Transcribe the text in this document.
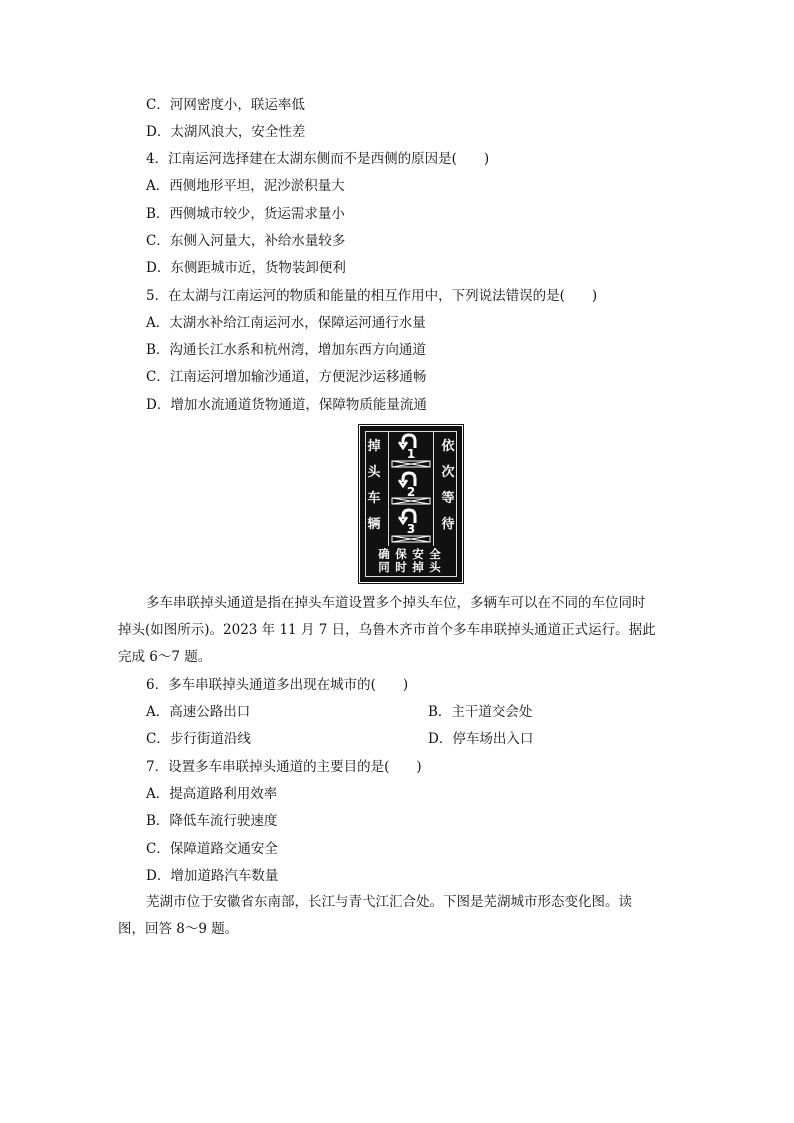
C．河网密度小，联运率低
D．太湖风浪大，安全性差
4．江南运河选择建在太湖东侧而不是西侧的原因是(　　)
A．西侧地形平坦，泥沙淤积量大
B．西侧城市较少，货运需求量小
C．东侧入河量大，补给水量较多
D．东侧距城市近，货物装卸便利
5．在太湖与江南运河的物质和能量的相互作用中，下列说法错误的是(　　)
A．太湖水补给江南运河水，保障运河通行水量
B．沟通长江水系和杭州湾，增加东西方向通道
C．江南运河增加输沙通道，方便泥沙运移通畅
D．增加水流通道货物通道，保障物质能量流通
掉头车辆
依次等待
1
2
3
确同
保时
安掉
全头
多车串联掉头通道是指在掉头车道设置多个掉头车位，多辆车可以在不同的车位同时掉头(如图所示)。2023 年 11 月 7 日，乌鲁木齐市首个多车串联掉头通道正式运行。据此完成 6～7 题。
6．多车串联掉头通道多出现在城市的(　　)
A．高速公路出口	B．主干道交会处
C．步行街道沿线	D．停车场出入口
7．设置多车串联掉头通道的主要目的是(　　)
A．提高道路利用效率
B．降低车流行驶速度
C．保障道路交通安全
D．增加道路汽车数量
芜湖市位于安徽省东南部，长江与青弋江汇合处。下图是芜湖城市形态变化图。读图，回答 8～9 题。
